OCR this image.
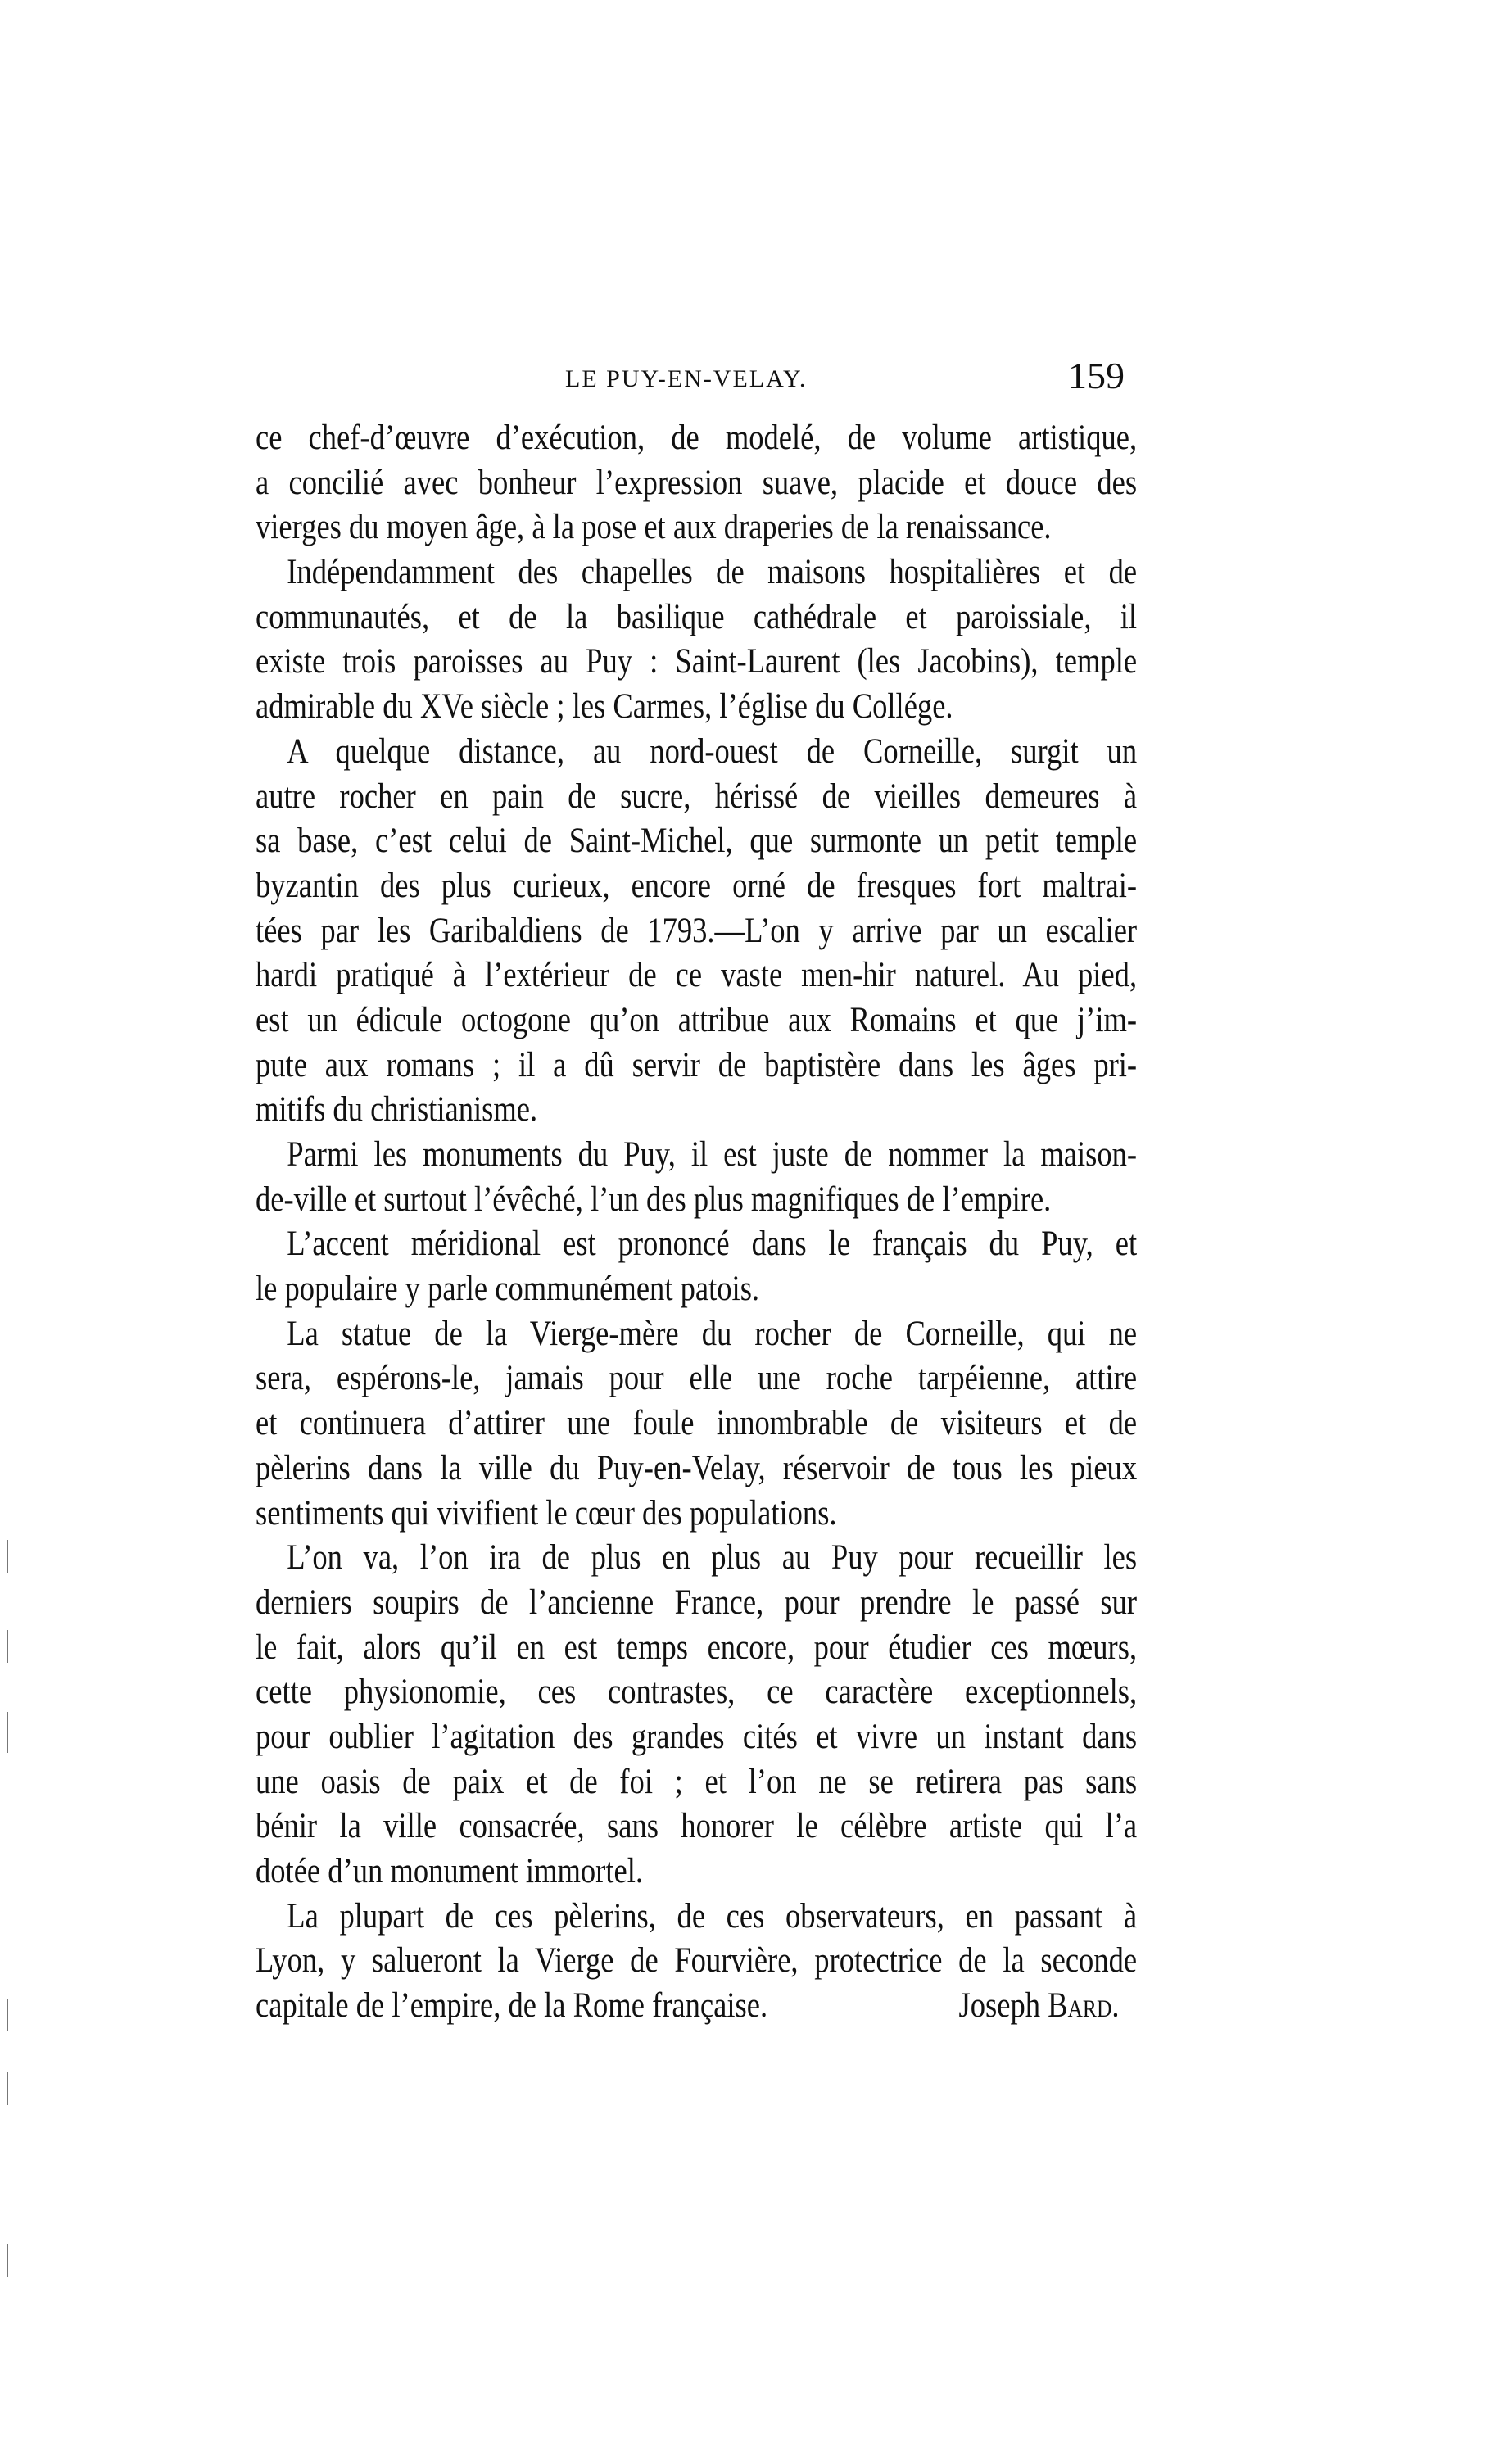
LE PUY-EN-VELAY.	159
ce chef-d’œuvre d’exécution, de modelé, de volume artistique,
a concilié avec bonheur l’expression suave, placide et douce des
vierges du moyen âge, à la pose et aux draperies de la renaissance.
Indépendamment des chapelles de maisons hospitalières et de
communautés, et de la basilique cathédrale et paroissiale, il
existe trois paroisses au Puy : Saint-Laurent (les Jacobins), temple
admirable du XVe siècle ; les Carmes, l’église du Collége.
A quelque distance, au nord-ouest de Corneille, surgit un
autre rocher en pain de sucre, hérissé de vieilles demeures à
sa base, c’est celui de Saint-Michel, que surmonte un petit temple
byzantin des plus curieux, encore orné de fresques fort maltrai-
tées par les Garibaldiens de 1793.—L’on y arrive par un escalier
hardi pratiqué à l’extérieur de ce vaste men-hir naturel. Au pied,
est un édicule octogone qu’on attribue aux Romains et que j’im-
pute aux romans ; il a dû servir de baptistère dans les âges pri-
mitifs du christianisme.
Parmi les monuments du Puy, il est juste de nommer la maison-
de-ville et surtout l’évêché, l’un des plus magnifiques de l’empire.
L’accent méridional est prononcé dans le français du Puy, et
le populaire y parle communément patois.
La statue de la Vierge-mère du rocher de Corneille, qui ne
sera, espérons-le, jamais pour elle une roche tarpéienne, attire
et continuera d’attirer une foule innombrable de visiteurs et de
pèlerins dans la ville du Puy-en-Velay, réservoir de tous les pieux
sentiments qui vivifient le cœur des populations.
L’on va, l’on ira de plus en plus au Puy pour recueillir les
derniers soupirs de l’ancienne France, pour prendre le passé sur
le fait, alors qu’il en est temps encore, pour étudier ces mœurs,
cette physionomie, ces contrastes, ce caractère exceptionnels,
pour oublier l’agitation des grandes cités et vivre un instant dans
une oasis de paix et de foi ; et l’on ne se retirera pas sans
bénir la ville consacrée, sans honorer le célèbre artiste qui l’a
dotée d’un monument immortel.
La plupart de ces pèlerins, de ces observateurs, en passant à
Lyon, y salueront la Vierge de Fourvière, protectrice de la seconde
capitale de l’empire, de la Rome française.	Joseph Bard.
